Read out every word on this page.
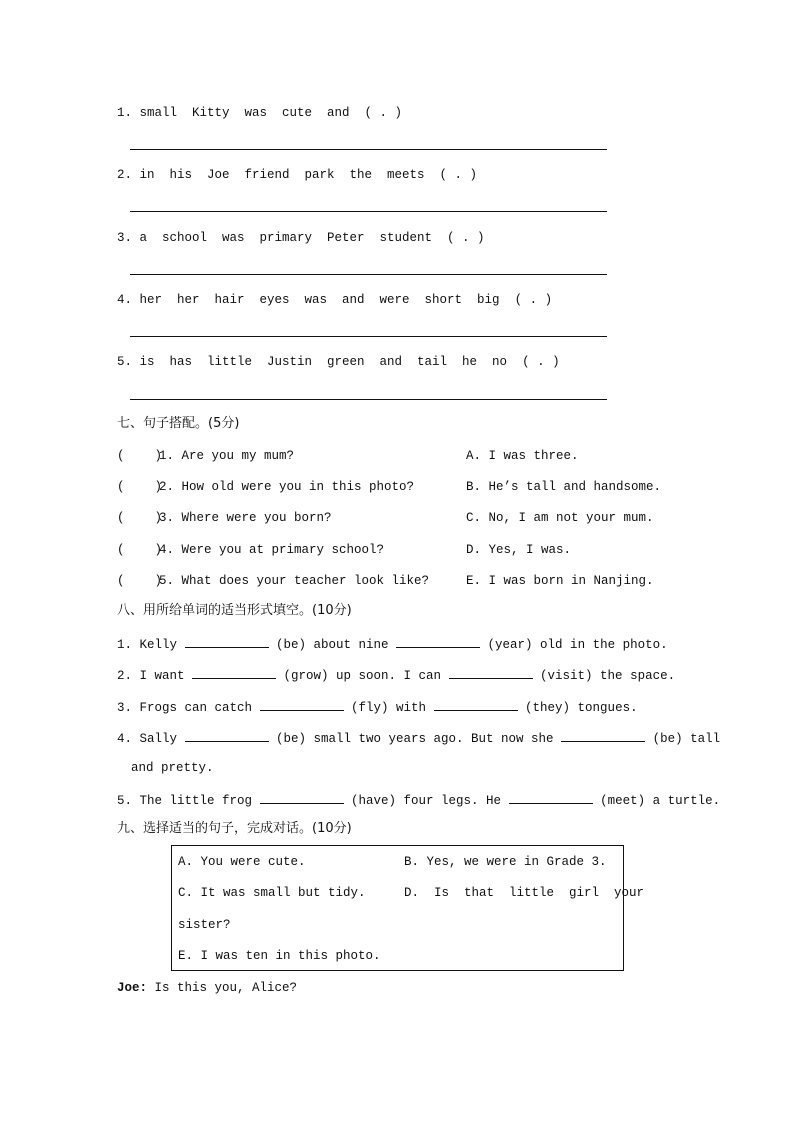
1. small  Kitty  was  cute  and  ( . )
2. in  his  Joe  friend  park  the  meets  ( . )
3. a  school  was  primary  Peter  student  ( . )
4. her  her  hair  eyes  was  and  were  short  big  ( . )
5. is  has  little  Justin  green  and  tail  he  no  ( . )
七、句子搭配。(5分)
(    )
1. Are you my mum?	A. I was three.
(    )
2. How old were you in this photo?	B. He’s tall and handsome.
(    )
3. Where were you born?	C. No, I am not your mum.
(    )
4. Were you at primary school?	D. Yes, I was.
(    )
5. What does your teacher look like?	E. I was born in Nanjing.
八、用所给单词的适当形式填空。(10分)
1. Kelly	(be) about nine	(year) old in the photo.
2. I want	(grow) up soon. I can	(visit) the space.
3. Frogs can catch	(fly) with	(they) tongues.
4. Sally	(be) small two years ago. But now she	(be) tall
and pretty.
5. The little frog	(have) four legs. He	(meet) a turtle.
九、选择适当的句子，完成对话。(10分)
A. You were cute.	B. Yes, we were in Grade 3.
C. It was small but tidy.	D.  Is  that  little  girl  your
sister?
E. I was ten in this photo.
Joe: Is this you, Alice?
